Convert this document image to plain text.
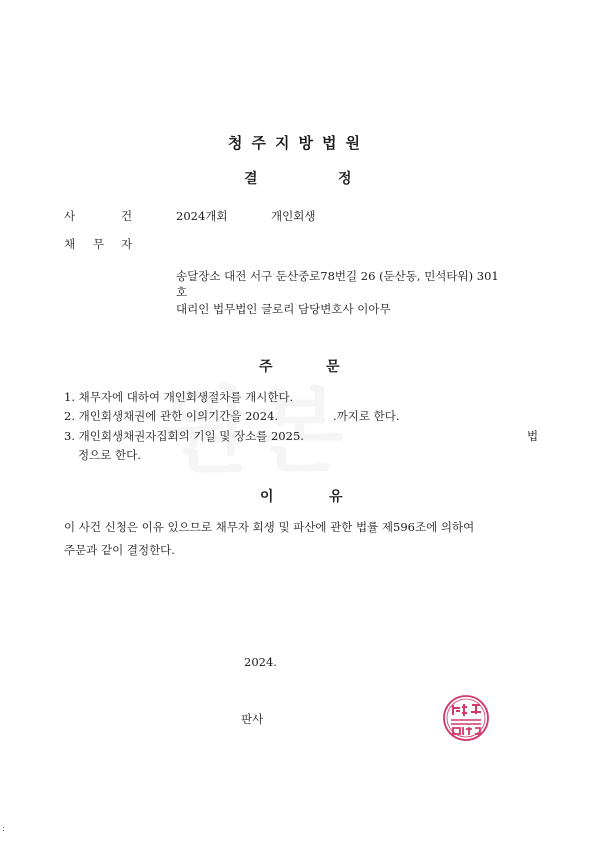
청주지방법원
결	정
사	건	2024개회	개인회생
채 무 자
송달장소 대전 서구 둔산중로78번길 26 (둔산동, 민석타워) 301
호
대리인 법무법인 글로리 담당변호사 이아무
주	문
1. 채무자에 대하여 개인회생절차를 개시한다.
2. 개인회생채권에 관한 이의기간을 2024.	.까지로 한다.
3. 개인회생채권자집회의 기일 및 장소를 2025.	법
정으로 한다.
이	유
이 사건 신청은 이유 있으므로 채무자 회생 및 파산에 관한 법률 제596조에 의하여
주문과 같이 결정한다.
2024.
판사
:
